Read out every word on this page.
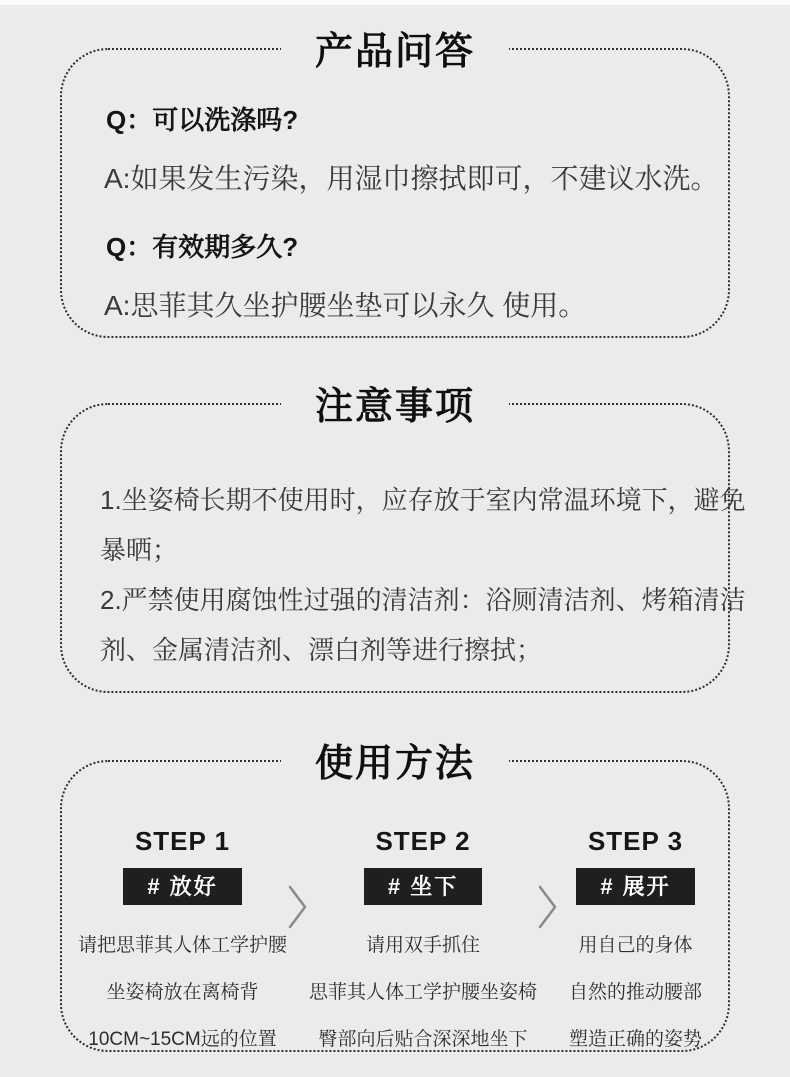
产品问答
Q：可以洗涤吗?
A:如果发生污染，用湿巾擦拭即可，不建议水洗。
Q：有效期多久?
A:思菲其久坐护腰坐垫可以永久 使用。
注意事项
1.坐姿椅长期不使用时，应存放于室内常温环境下，避免
暴晒；
2.严禁使用腐蚀性过强的清洁剂：浴厕清洁剂、烤箱清洁
剂、金属清洁剂、漂白剂等进行擦拭；
使用方法
STEP 1
# 放好
请把思菲其人体工学护腰
坐姿椅放在离椅背
10CM~15CM远的位置
STEP 2
# 坐下
请用双手抓住
思菲其人体工学护腰坐姿椅
臀部向后贴合深深地坐下
STEP 3
# 展开
用自己的身体
自然的推动腰部
塑造正确的姿势
